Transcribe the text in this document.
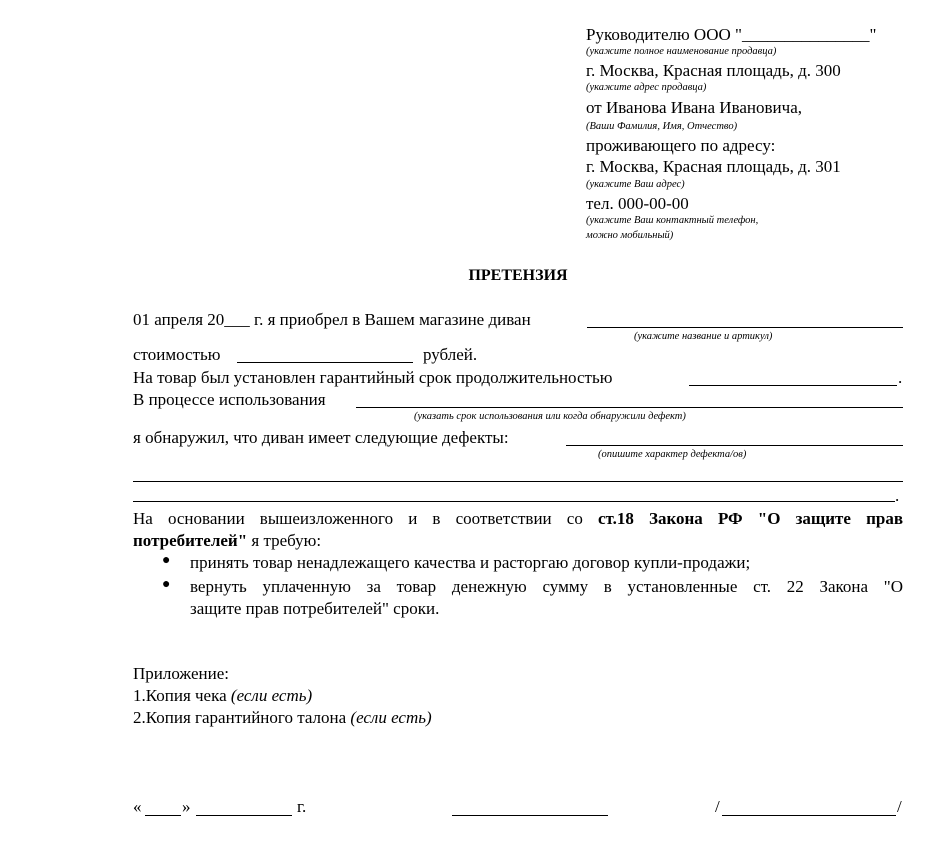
Руководителю ООО "_______________"
(укажите полное наименование продавца)
г. Москва, Красная площадь, д. 300
(укажите адрес продавца)
от Иванова Ивана Ивановича,
(Ваши Фамилия, Имя, Отчество)
проживающего по адресу:
г. Москва, Красная площадь, д. 301
(укажите Ваш адрес)
тел. 000-00-00
(укажите Ваш контактный телефон,
можно мобильный)
ПРЕТЕНЗИЯ
01 апреля 20___ г. я приобрел в Вашем магазине диван
(укажите название и артикул)
стоимостью	рублей.
На товар был установлен гарантийный срок продолжительностью	.
В процессе использования
(указать срок использования или когда обнаружили дефект)
я обнаружил, что диван имеет следующие дефекты:
(опишите характер дефекта/ов)
.
На основании вышеизложенного и в соответствии со ст.18 Закона РФ "О защите прав
потребителей" я требую:
● принять товар ненадлежащего качества и расторгаю договор купли-продажи;
● вернуть уплаченную за товар денежную сумму в установленные ст. 22 Закона "О
защите прав потребителей" сроки.
Приложение:
1.Копия чека (если есть)
2.Копия гарантийного талона (если есть)
« »	г.	/	/
